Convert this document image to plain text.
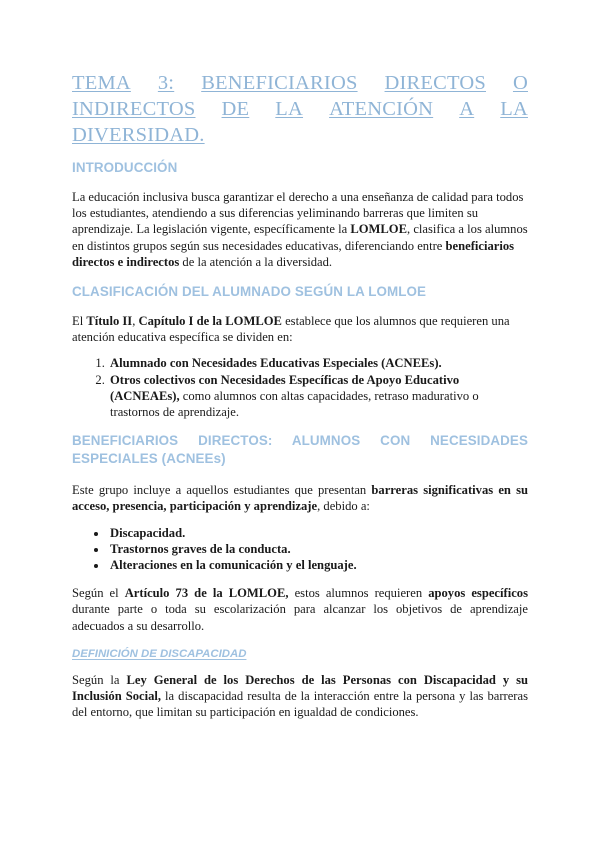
TEMA 3: BENEFICIARIOS DIRECTOS O
INDIRECTOS DE LA ATENCIÓN A LA
DIVERSIDAD.
INTRODUCCIÓN

La educación inclusiva busca garantizar el derecho a una enseñanza de calidad para todos los estudiantes, atendiendo a sus diferencias yeliminando barreras que limiten su aprendizaje. La legislación vigente, específicamente la LOMLOE, clasifica a los alumnos en distintos grupos según sus necesidades educativas, diferenciando entre beneficiarios directos e indirectos de la atención a la diversidad.

CLASIFICACIÓN DEL ALUMNADO SEGÚN LA LOMLOE

El Título II, Capítulo I de la LOMLOE establece que los alumnos que requieren una atención educativa específica se dividen en:

1. Alumnado con Necesidades Educativas Especiales (ACNEEs).
2. Otros colectivos con Necesidades Específicas de Apoyo Educativo (ACNEAEs), como alumnos con altas capacidades, retraso madurativo o trastornos de aprendizaje.
BENEFICIARIOS DIRECTOS: ALUMNOS CON NECESIDADES ESPECIALES (ACNEEs)

Este grupo incluye a aquellos estudiantes que presentan barreras significativas en su acceso, presencia, participación y aprendizaje, debido a:

• Discapacidad.
• Trastornos graves de la conducta.
• Alteraciones en la comunicación y el lenguaje.

Según el Artículo 73 de la LOMLOE, estos alumnos requieren apoyos específicos durante parte o toda su escolarización para alcanzar los objetivos de aprendizaje adecuados a su desarrollo.

DEFINICIÓN DE DISCAPACIDAD

Según la Ley General de los Derechos de las Personas con Discapacidad y su Inclusión Social, la discapacidad resulta de la interacción entre la persona y las barreras del entorno, que limitan su participación en igualdad de condiciones.
